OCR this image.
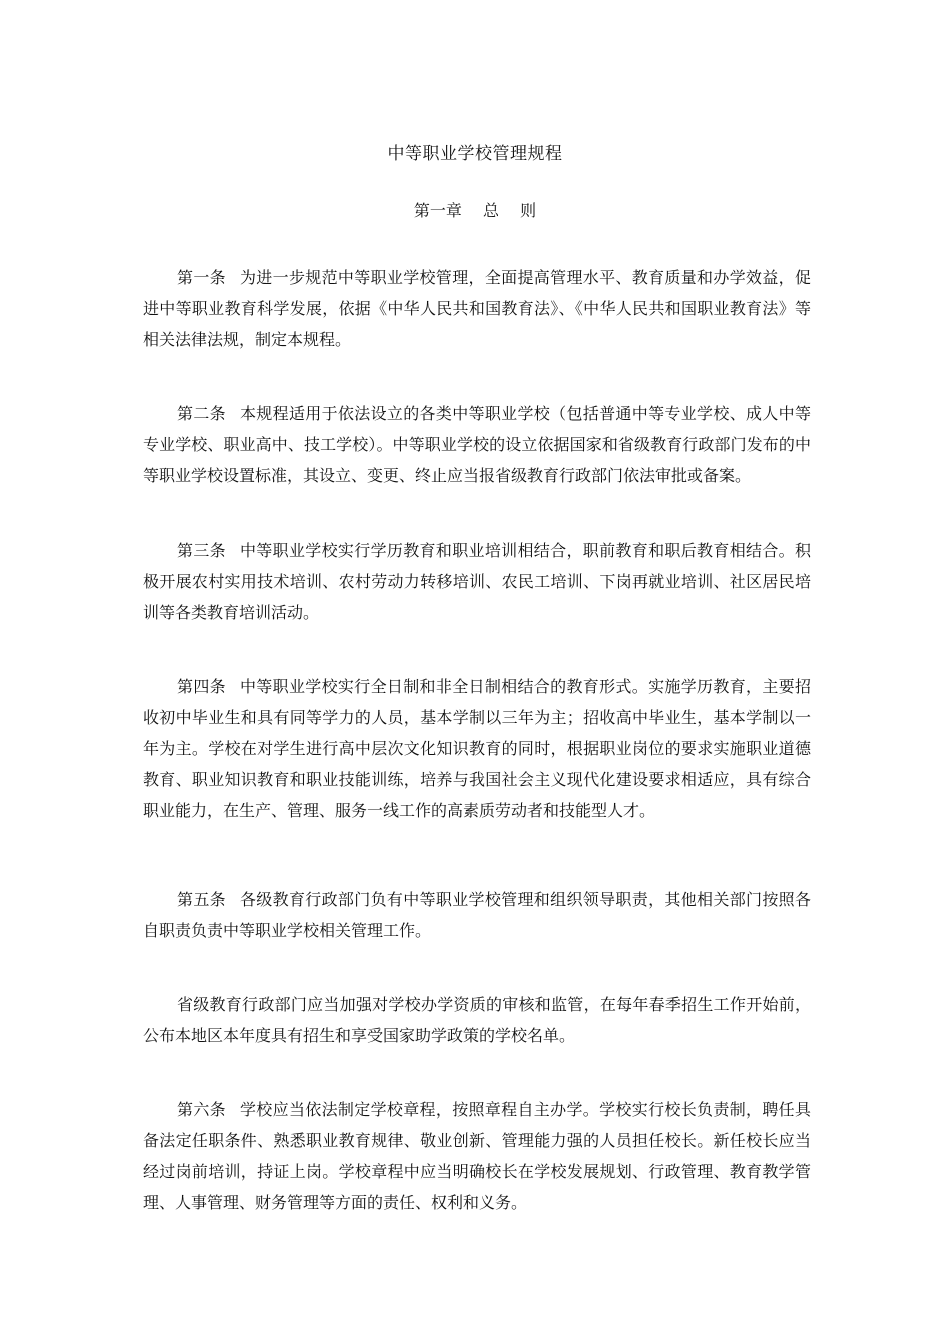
中等职业学校管理规程
第一章　 总　 则

第一条 为进一步规范中等职业学校管理，全面提高管理水平、教育质量和办学效益，促进中等职业教育科学发展，依据《中华人民共和国教育法》、《中华人民共和国职业教育法》等相关法律法规，制定本规程。

第二条 本规程适用于依法设立的各类中等职业学校（包括普通中等专业学校、成人中等专业学校、职业高中、技工学校）。中等职业学校的设立依据国家和省级教育行政部门发布的中等职业学校设置标准，其设立、变更、终止应当报省级教育行政部门依法审批或备案。

第三条 中等职业学校实行学历教育和职业培训相结合，职前教育和职后教育相结合。积极开展农村实用技术培训、农村劳动力转移培训、农民工培训、下岗再就业培训、社区居民培训等各类教育培训活动。

第四条 中等职业学校实行全日制和非全日制相结合的教育形式。实施学历教育，主要招收初中毕业生和具有同等学力的人员，基本学制以三年为主；招收高中毕业生，基本学制以一年为主。学校在对学生进行高中层次文化知识教育的同时，根据职业岗位的要求实施职业道德教育、职业知识教育和职业技能训练，培养与我国社会主义现代化建设要求相适应，具有综合职业能力，在生产、管理、服务一线工作的高素质劳动者和技能型人才。

第五条 各级教育行政部门负有中等职业学校管理和组织领导职责，其他相关部门按照各自职责负责中等职业学校相关管理工作。

省级教育行政部门应当加强对学校办学资质的审核和监管，在每年春季招生工作开始前，公布本地区本年度具有招生和享受国家助学政策的学校名单。

第六条 学校应当依法制定学校章程，按照章程自主办学。学校实行校长负责制，聘任具备法定任职条件、熟悉职业教育规律、敬业创新、管理能力强的人员担任校长。新任校长应当经过岗前培训，持证上岗。学校章程中应当明确校长在学校发展规划、行政管理、教育教学管理、人事管理、财务管理等方面的责任、权利和义务。
